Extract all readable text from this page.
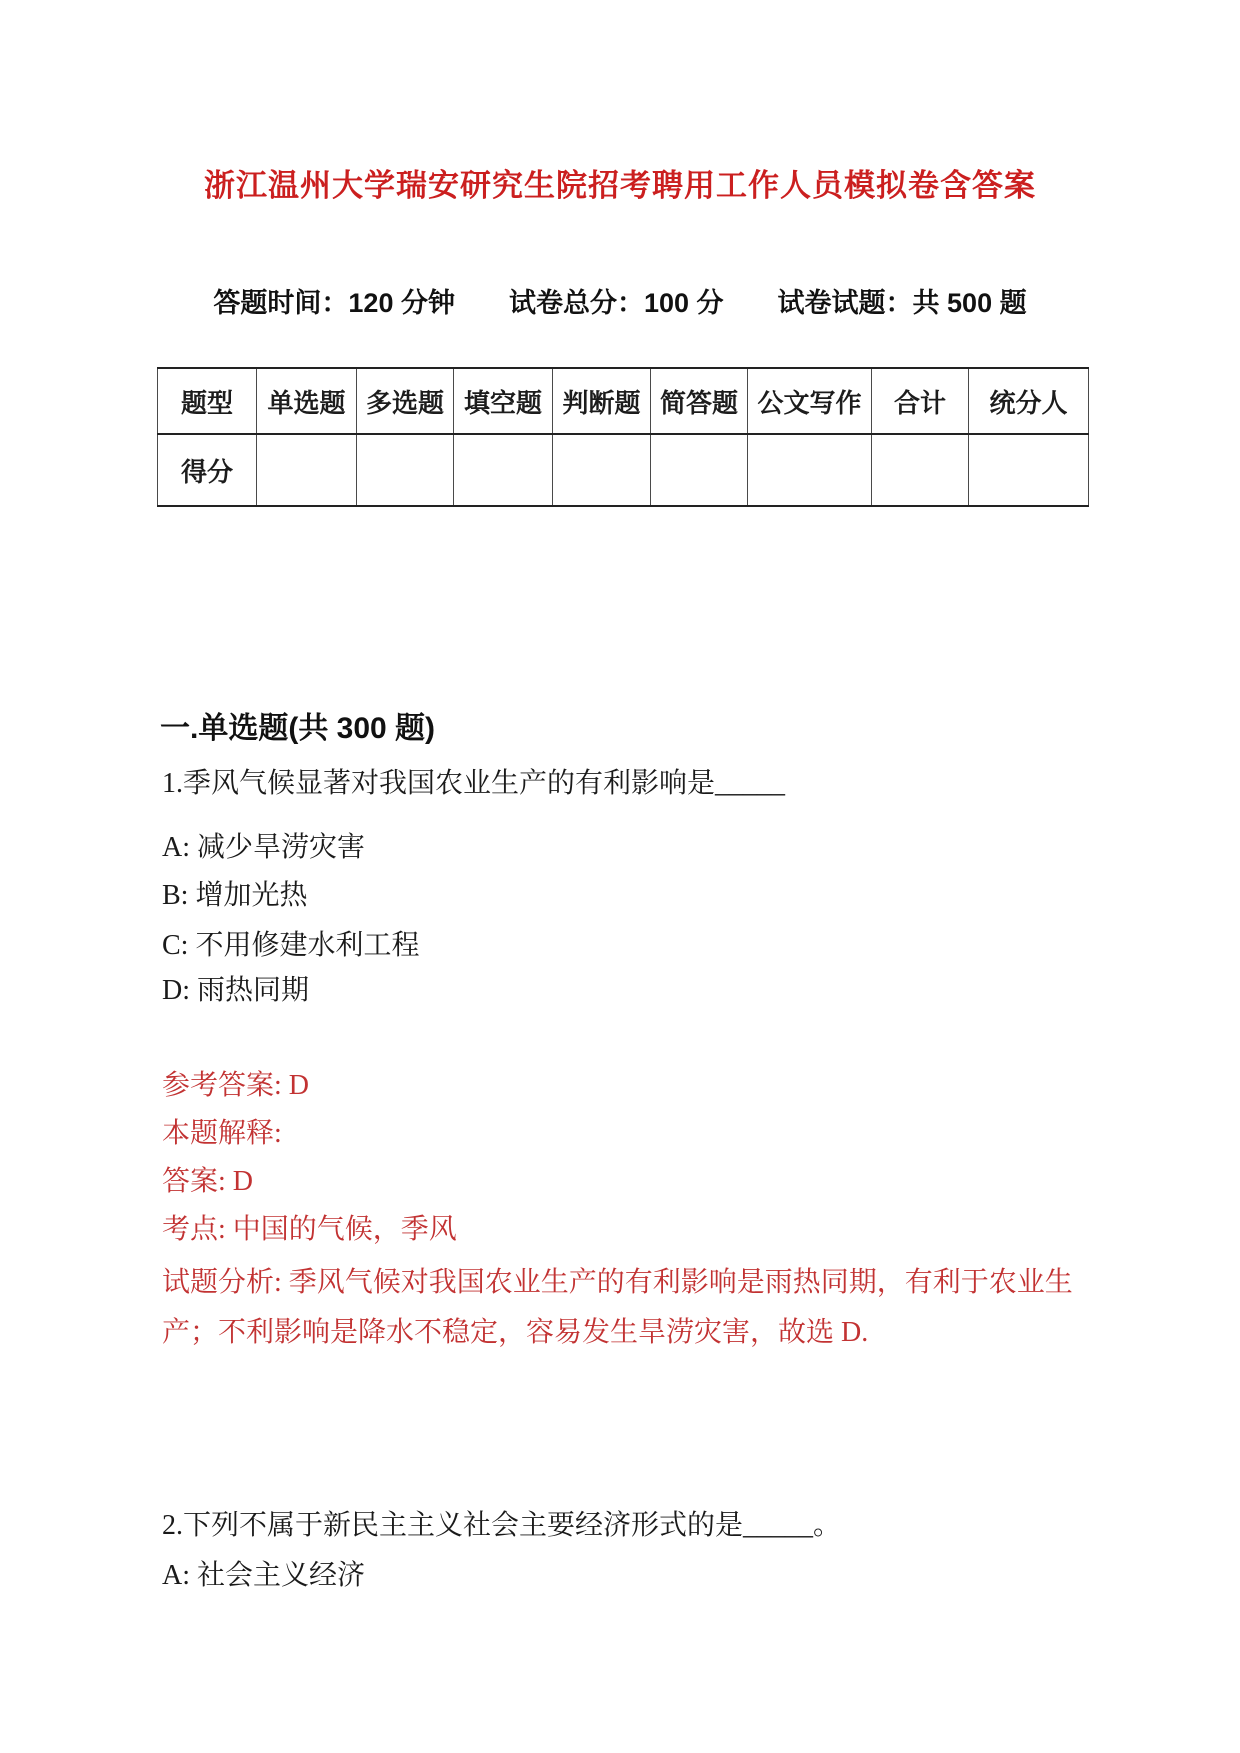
浙江温州大学瑞安研究生院招考聘用工作人员模拟卷含答案
答题时间：120 分钟 试卷总分：100 分 试卷试题：共 500 题
题型	单选题	多选题	填空题	判断题	简答题	公文写作	合计	统分人
得分								
一.单选题(共 300 题)
1.季风气候显著对我国农业生产的有利影响是_____
A: 减少旱涝灾害
B: 增加光热
C: 不用修建水利工程
D: 雨热同期
参考答案: D
本题解释:
答案: D
考点: 中国的气候，季风
试题分析: 季风气候对我国农业生产的有利影响是雨热同期，有利于农业生产；不利影响是降水不稳定，容易发生旱涝灾害，故选 D.
2.下列不属于新民主主义社会主要经济形式的是_____。
A: 社会主义经济
